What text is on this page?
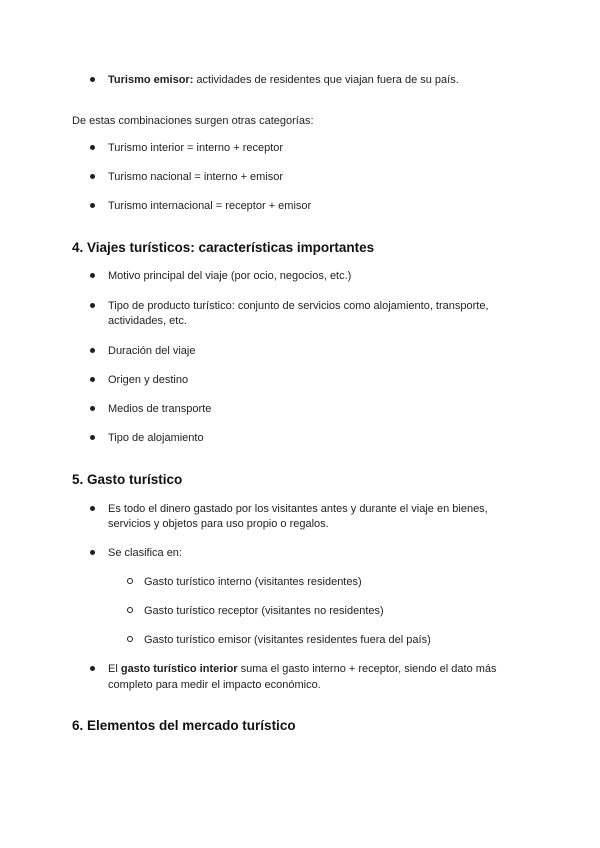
Turismo emisor: actividades de residentes que viajan fuera de su país.

De estas combinaciones surgen otras categorías:

Turismo interior = interno + receptor

Turismo nacional = interno + emisor

Turismo internacional = receptor + emisor

4. Viajes turísticos: características importantes

Motivo principal del viaje (por ocio, negocios, etc.)

Tipo de producto turístico: conjunto de servicios como alojamiento, transporte,

actividades, etc.

Duración del viaje

Origen y destino

Medios de transporte

Tipo de alojamiento

5. Gasto turístico

Es todo el dinero gastado por los visitantes antes y durante el viaje en bienes,

servicios y objetos para uso propio o regalos.

Se clasifica en:

Gasto turístico interno (visitantes residentes)

Gasto turístico receptor (visitantes no residentes)

Gasto turístico emisor (visitantes residentes fuera del país)

El gasto turístico interior suma el gasto interno + receptor, siendo el dato más

completo para medir el impacto económico.

6. Elementos del mercado turístico
